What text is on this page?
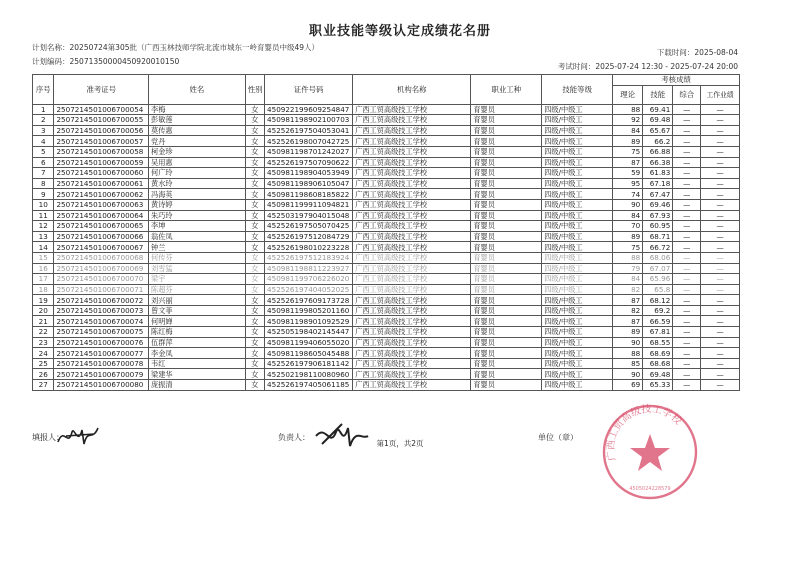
职业技能等级认定成绩花名册
计划名称：20250724第305批（广西玉林技师学院北流市城东一岭育婴员中级49人）
下载时间：2025-08-04
计划编码：25071350000450920010150
考试时间：2025-07-24 12:30 - 2025-07-24 20:00
序号	准考证号	姓名	性别	证件号码	机构名称	职业工种	技能等级	考核成绩			
								理论	技能	综合	工作业绩
1	2507214501006700054	李梅	女	450922199609254847	广西工贸高级技工学校	育婴员	四级/中级工	88	69.41	—	—
2	2507214501006700055	彭敏莲	女	450981198902100703	广西工贸高级技工学校	育婴员	四级/中级工	92	69.48	—	—
3	2507214501006700056	莫传惠	女	452526197504053041	广西工贸高级技工学校	育婴员	四级/中级工	84	65.67	—	—
4	2507214501006700057	党丹	女	452526198007042725	广西工贸高级技工学校	育婴员	四级/中级工	89	66.2	—	—
5	2507214501006700058	柯金珍	女	450981198701242027	广西工贸高级技工学校	育婴员	四级/中级工	75	66.88	—	—
6	2507214501006700059	吴用惠	女	452526197507090622	广西工贸高级技工学校	育婴员	四级/中级工	87	66.38	—	—
7	2507214501006700060	何广玲	女	450981198904053949	广西工贸高级技工学校	育婴员	四级/中级工	59	61.83	—	—
8	2507214501006700061	黄水玲	女	450981198906105047	广西工贸高级技工学校	育婴员	四级/中级工	95	67.18	—	—
9	2507214501006700062	冯海英	女	450981198608185822	广西工贸高级技工学校	育婴员	四级/中级工	74	67.47	—	—
10	2507214501006700063	黄诗婷	女	450981199911094821	广西工贸高级技工学校	育婴员	四级/中级工	90	69.46	—	—
11	2507214501006700064	朱巧玲	女	452503197904015048	广西工贸高级技工学校	育婴员	四级/中级工	84	67.93	—	—
12	2507214501006700065	李坤	女	452526197505070425	广西工贸高级技工学校	育婴员	四级/中级工	70	60.95	—	—
13	2507214501006700066	翁佐凤	女	452526197512084729	广西工贸高级技工学校	育婴员	四级/中级工	89	68.71	—	—
14	2507214501006700067	钟兰	女	452526198010223228	广西工贸高级技工学校	育婴员	四级/中级工	75	66.72	—	—
15	2507214501006700068	何传芬	女	452526197512183924	广西工贸高级技工学校	育婴员	四级/中级工	88	68.06	—	—
16	2507214501006700069	刘雪猛	女	450981198811223927	广西工贸高级技工学校	育婴员	四级/中级工	79	67.07	—	—
17	2507214501006700070	梁宇	女	450981199706226020	广西工贸高级技工学校	育婴员	四级/中级工	84	65.96	—	—
18	2507214501006700071	陈超芬	女	452526197404052025	广西工贸高级技工学校	育婴员	四级/中级工	82	65.8	—	—
19	2507214501006700072	刘兴丽	女	452526197609173728	广西工贸高级技工学校	育婴员	四级/中级工	87	68.12	—	—
20	2507214501006700073	曾文菲	女	450981199805201160	广西工贸高级技工学校	育婴员	四级/中级工	82	69.2	—	—
21	2507214501006700074	何明婵	女	450981198901092529	广西工贸高级技工学校	育婴员	四级/中级工	87	66.59	—	—
22	2507214501006700075	陈红梅	女	452505198402145447	广西工贸高级技工学校	育婴员	四级/中级工	89	67.81	—	—
23	2507214501006700076	伍群萍	女	450981199406055020	广西工贸高级技工学校	育婴员	四级/中级工	90	68.55	—	—
24	2507214501006700077	李金凤	女	450981198605045488	广西工贸高级技工学校	育婴员	四级/中级工	88	68.69	—	—
25	2507214501006700078	韦红	女	452526197906181142	广西工贸高级技工学校	育婴员	四级/中级工	85	68.68	—	—
26	2507214501006700079	梁建华	女	452502198110080960	广西工贸高级技工学校	育婴员	四级/中级工	90	69.48	—	—
27	2507214501006700080	庞振清	女	452526197405061185	广西工贸高级技工学校	育婴员	四级/中级工	69	65.33	—	—
填报人：	负责人：
第1页，共2页
单位（章）
广西工贸高级技工学校
4505024228579
